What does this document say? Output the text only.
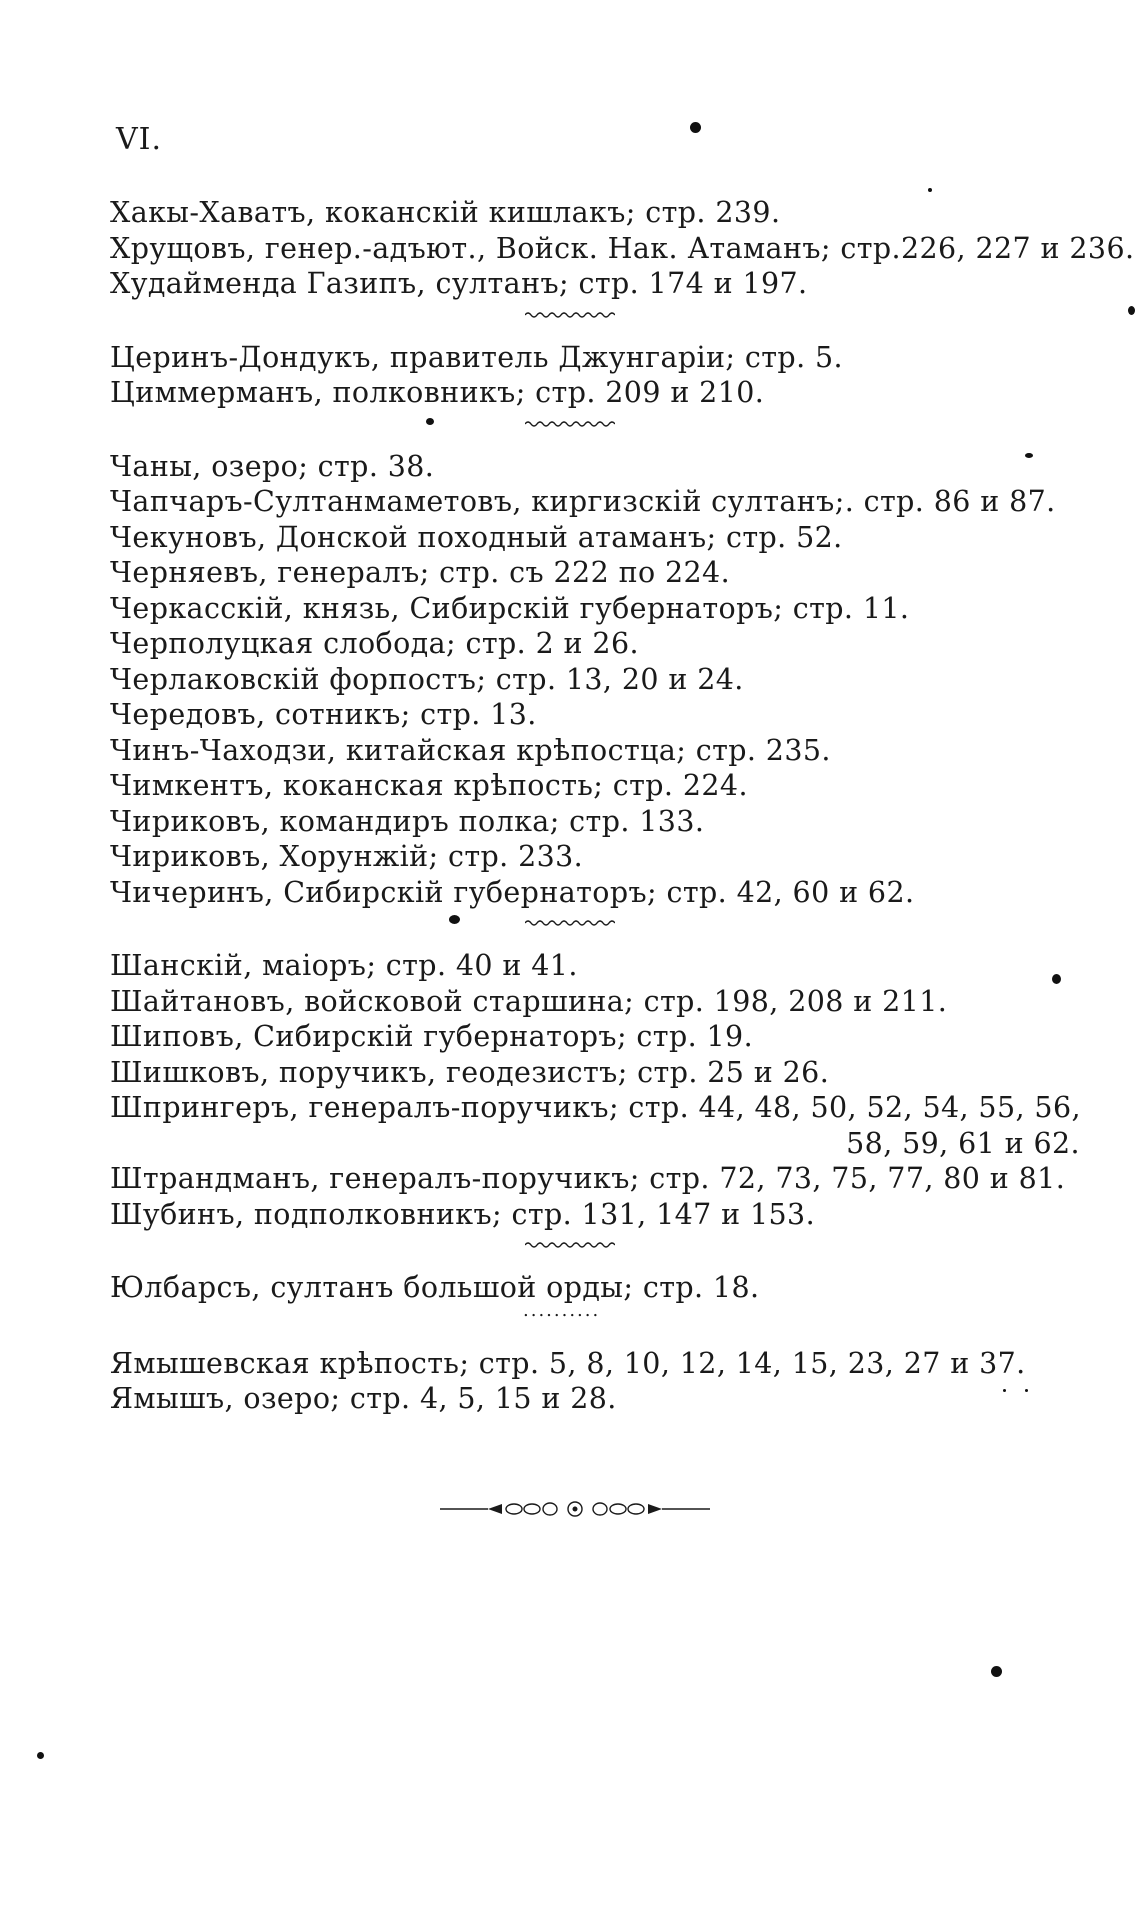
VI.
Хакы-Хаватъ, коканскій кишлакъ; стр. 239.
Хрущовъ, генер.-адъют., Войск. Нак. Атаманъ; стр.226, 227 и 236.
Худайменда Газипъ, султанъ; стр. 174 и 197.
Церинъ-Дондукъ, правитель Джунгаріи; стр. 5.
Циммерманъ, полковникъ; стр. 209 и 210.
Чаны, озеро; стр. 38.
Чапчаръ-Султанмаметовъ, киргизскій султанъ;. стр. 86 и 87.
Чекуновъ, Донской походный атаманъ; стр. 52.
Черняевъ, генералъ; стр. съ 222 по 224.
Черкасскій, князь, Сибирскій губернаторъ; стр. 11.
Черполуцкая слобода; стр. 2 и 26.
Черлаковскій форпостъ; стр. 13, 20 и 24.
Чередовъ, сотникъ; стр. 13.
Чинъ-Чаходзи, китайская крѣпостца; стр. 235.
Чимкентъ, коканская крѣпость; стр. 224.
Чириковъ, командиръ полка; стр. 133.
Чириковъ, Хорунжій; стр. 233.
Чичеринъ, Сибирскій губернаторъ; стр. 42, 60 и 62.
Шанскій, маіоръ; стр. 40 и 41.
Шайтановъ, войсковой старшина; стр. 198, 208 и 211.
Шиповъ, Сибирскій губернаторъ; стр. 19.
Шишковъ, поручикъ, геодезистъ; стр. 25 и 26.
Шпрингеръ, генералъ-поручикъ; стр. 44, 48, 50, 52, 54, 55, 56,
58, 59, 61 и 62.
Штрандманъ, генералъ-поручикъ; стр. 72, 73, 75, 77, 80 и 81.
Шубинъ, подполковникъ; стр. 131, 147 и 153.
Юлбарсъ, султанъ большой орды; стр. 18.
..........
Ямышевская крѣпость; стр. 5, 8, 10, 12, 14, 15, 23, 27 и 37.
Ямышъ, озеро; стр. 4, 5, 15 и 28.
